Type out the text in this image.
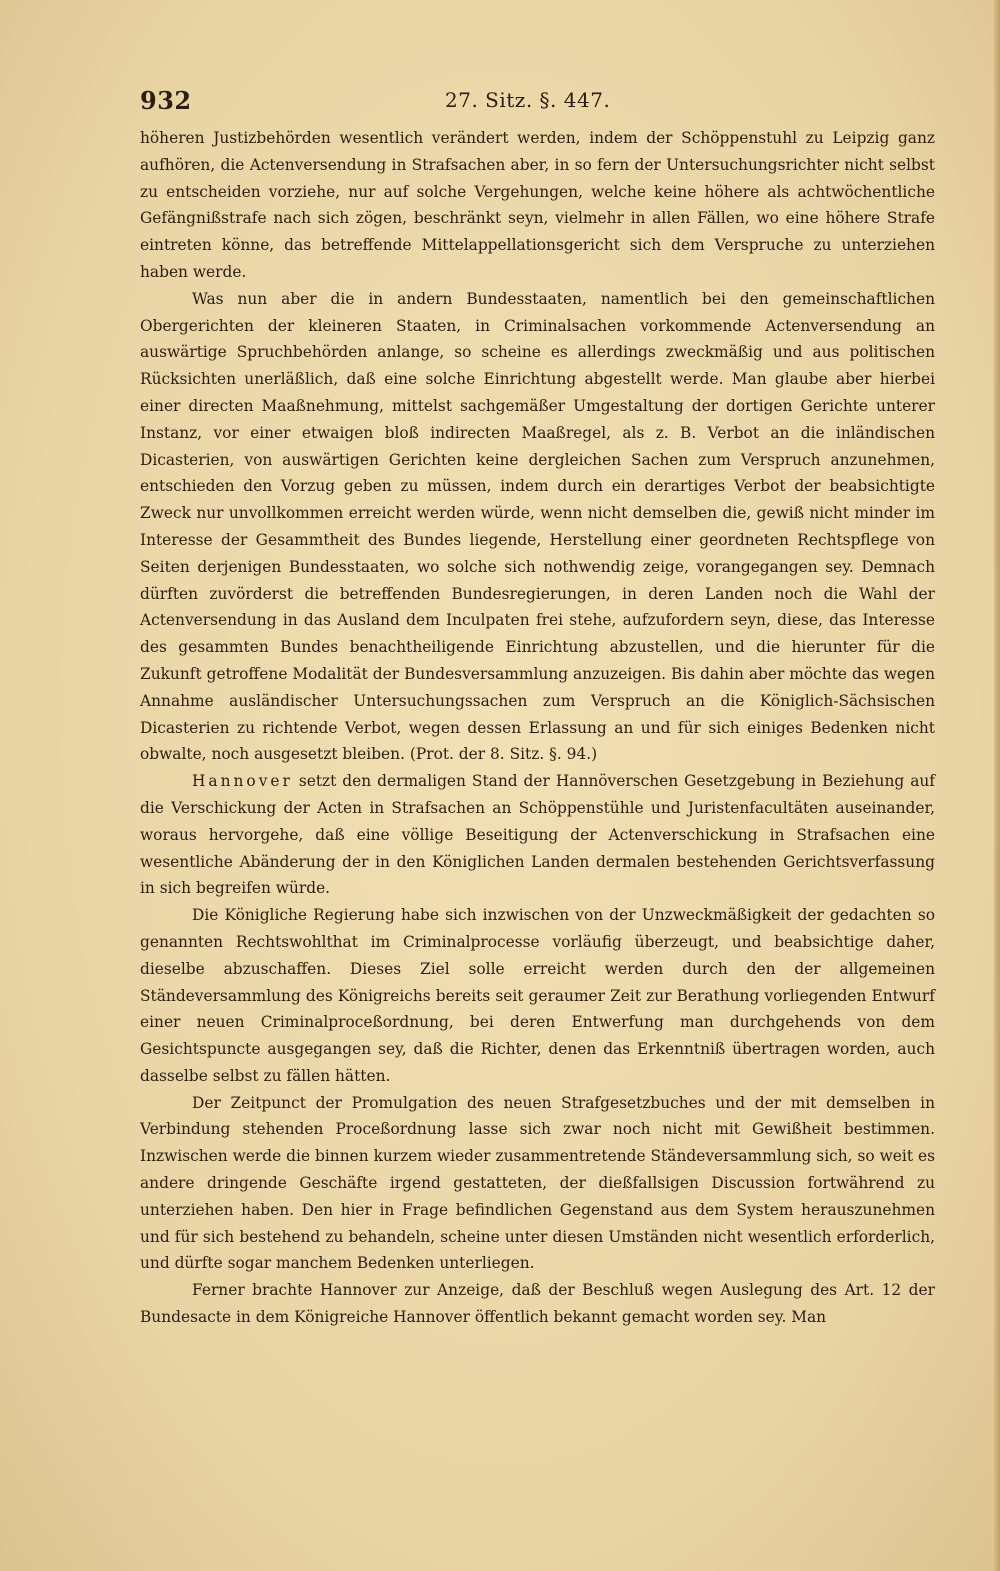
932	27. Sitz. §. 447.

höheren Justizbehörden wesentlich verändert werden, indem der Schöppenstuhl zu Leipzig ganz aufhören, die Actenversendung in Strafsachen aber, in so fern der Untersuchungsrichter nicht selbst zu entscheiden vorziehe, nur auf solche Vergehungen, welche keine höhere als achtwöchentliche Gefängnißstrafe nach sich zögen, beschränkt seyn, vielmehr in allen Fällen, wo eine höhere Strafe eintreten könne, das betreffende Mittelappellationsgericht sich dem Verspruche zu unterziehen haben werde.

Was nun aber die in andern Bundesstaaten, namentlich bei den gemeinschaftlichen Obergerichten der kleineren Staaten, in Criminalsachen vorkommende Actenversendung an auswärtige Spruchbehörden anlange, so scheine es allerdings zweckmäßig und aus politischen Rücksichten unerläßlich, daß eine solche Einrichtung abgestellt werde. Man glaube aber hierbei einer directen Maaßnehmung, mittelst sachgemäßer Umgestaltung der dortigen Gerichte unterer Instanz, vor einer etwaigen bloß indirecten Maaßregel, als z. B. Verbot an die inländischen Dicasterien, von auswärtigen Gerichten keine dergleichen Sachen zum Verspruch anzunehmen, entschieden den Vorzug geben zu müssen, indem durch ein derartiges Verbot der beabsichtigte Zweck nur unvollkommen erreicht werden würde, wenn nicht demselben die, gewiß nicht minder im Interesse der Gesammtheit des Bundes liegende, Herstellung einer geordneten Rechtspflege von Seiten derjenigen Bundesstaaten, wo solche sich nothwendig zeige, vorangegangen sey. Demnach dürften zuvörderst die betreffenden Bundesregierungen, in deren Landen noch die Wahl der Actenversendung in das Ausland dem Inculpaten frei stehe, aufzufordern seyn, diese, das Interesse des gesammten Bundes benachtheiligende Einrichtung abzustellen, und die hierunter für die Zukunft getroffene Modalität der Bundesversammlung anzuzeigen. Bis dahin aber möchte das wegen Annahme ausländischer Untersuchungssachen zum Verspruch an die Königlich-Sächsischen Dicasterien zu richtende Verbot, wegen dessen Erlassung an und für sich einiges Bedenken nicht obwalte, noch ausgesetzt bleiben. (Prot. der 8. Sitz. §. 94.)

Hannover setzt den dermaligen Stand der Hannöverschen Gesetzgebung in Beziehung auf die Verschickung der Acten in Strafsachen an Schöppenstühle und Juristenfacultäten auseinander, woraus hervorgehe, daß eine völlige Beseitigung der Actenverschickung in Strafsachen eine wesentliche Abänderung der in den Königlichen Landen dermalen bestehenden Gerichtsverfassung in sich begreifen würde.

Die Königliche Regierung habe sich inzwischen von der Unzweckmäßigkeit der gedachten so genannten Rechtswohlthat im Criminalprocesse vorläufig überzeugt, und beabsichtige daher, dieselbe abzuschaffen. Dieses Ziel solle erreicht werden durch den der allgemeinen Ständeversammlung des Königreichs bereits seit geraumer Zeit zur Berathung vorliegenden Entwurf einer neuen Criminalproceßordnung, bei deren Entwerfung man durchgehends von dem Gesichtspuncte ausgegangen sey, daß die Richter, denen das Erkenntniß übertragen worden, auch dasselbe selbst zu fällen hätten.

Der Zeitpunct der Promulgation des neuen Strafgesetzbuches und der mit demselben in Verbindung stehenden Proceßordnung lasse sich zwar noch nicht mit Gewißheit bestimmen. Inzwischen werde die binnen kurzem wieder zusammentretende Ständeversammlung sich, so weit es andere dringende Geschäfte irgend gestatteten, der dießfallsigen Discussion fortwährend zu unterziehen haben. Den hier in Frage befindlichen Gegenstand aus dem System herauszunehmen und für sich bestehend zu behandeln, scheine unter diesen Umständen nicht wesentlich erforderlich, und dürfte sogar manchem Bedenken unterliegen.

Ferner brachte Hannover zur Anzeige, daß der Beschluß wegen Auslegung des Art. 12 der Bundesacte in dem Königreiche Hannover öffentlich bekannt gemacht worden sey. Man
